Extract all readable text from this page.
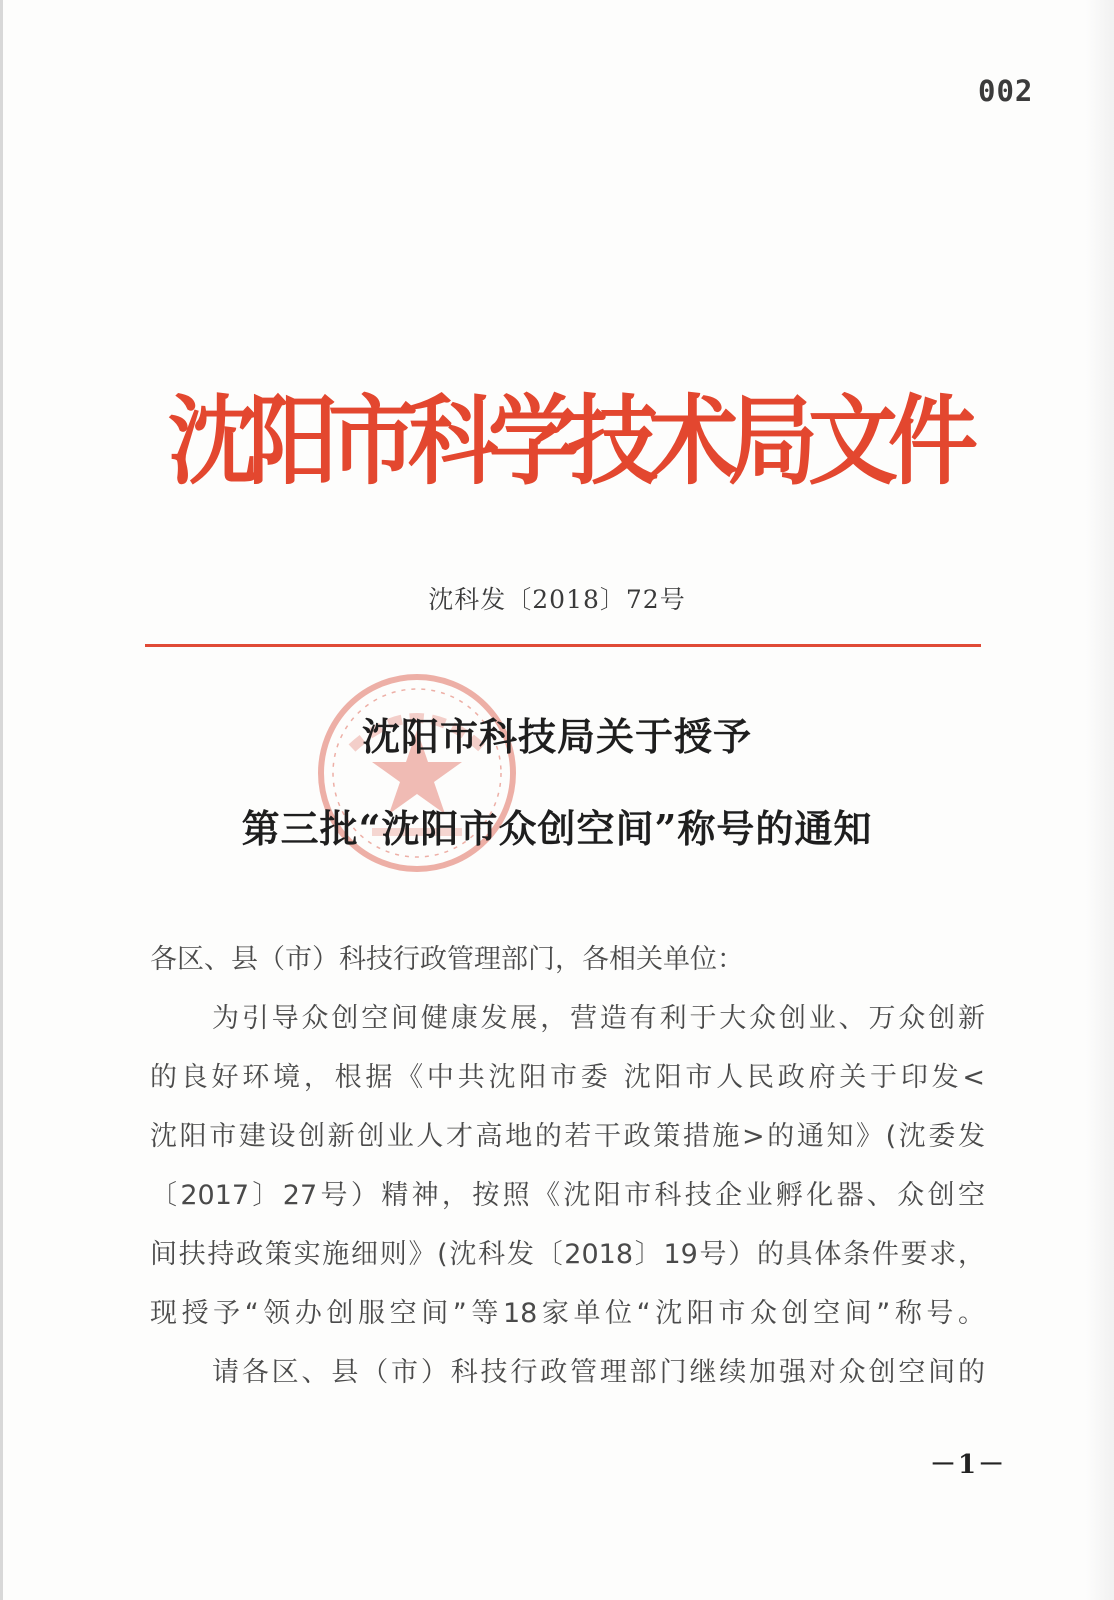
002
沈
阳
市
科
学
技
术
局
文
件
沈科发〔2018〕72号
沈阳市科技局关于授予
第三批“沈阳市众创空间”称号的通知
各区、县（市）科技行政管理部门，各相关单位：
为引导众创空间健康发展，营造有利于大众创业、万众创新
的良好环境，根据《中共沈阳市委 沈阳市人民政府关于印发<
沈阳市建设创新创业人才高地的若干政策措施>的通知》(沈委发
〔2017〕27号）精神，按照《沈阳市科技企业孵化器、众创空
间扶持政策实施细则》(沈科发〔2018〕19号）的具体条件要求，
现授予“领办创服空间”等18家单位“沈阳市众创空间”称号。
请各区、县（市）科技行政管理部门继续加强对众创空间的
－1－
